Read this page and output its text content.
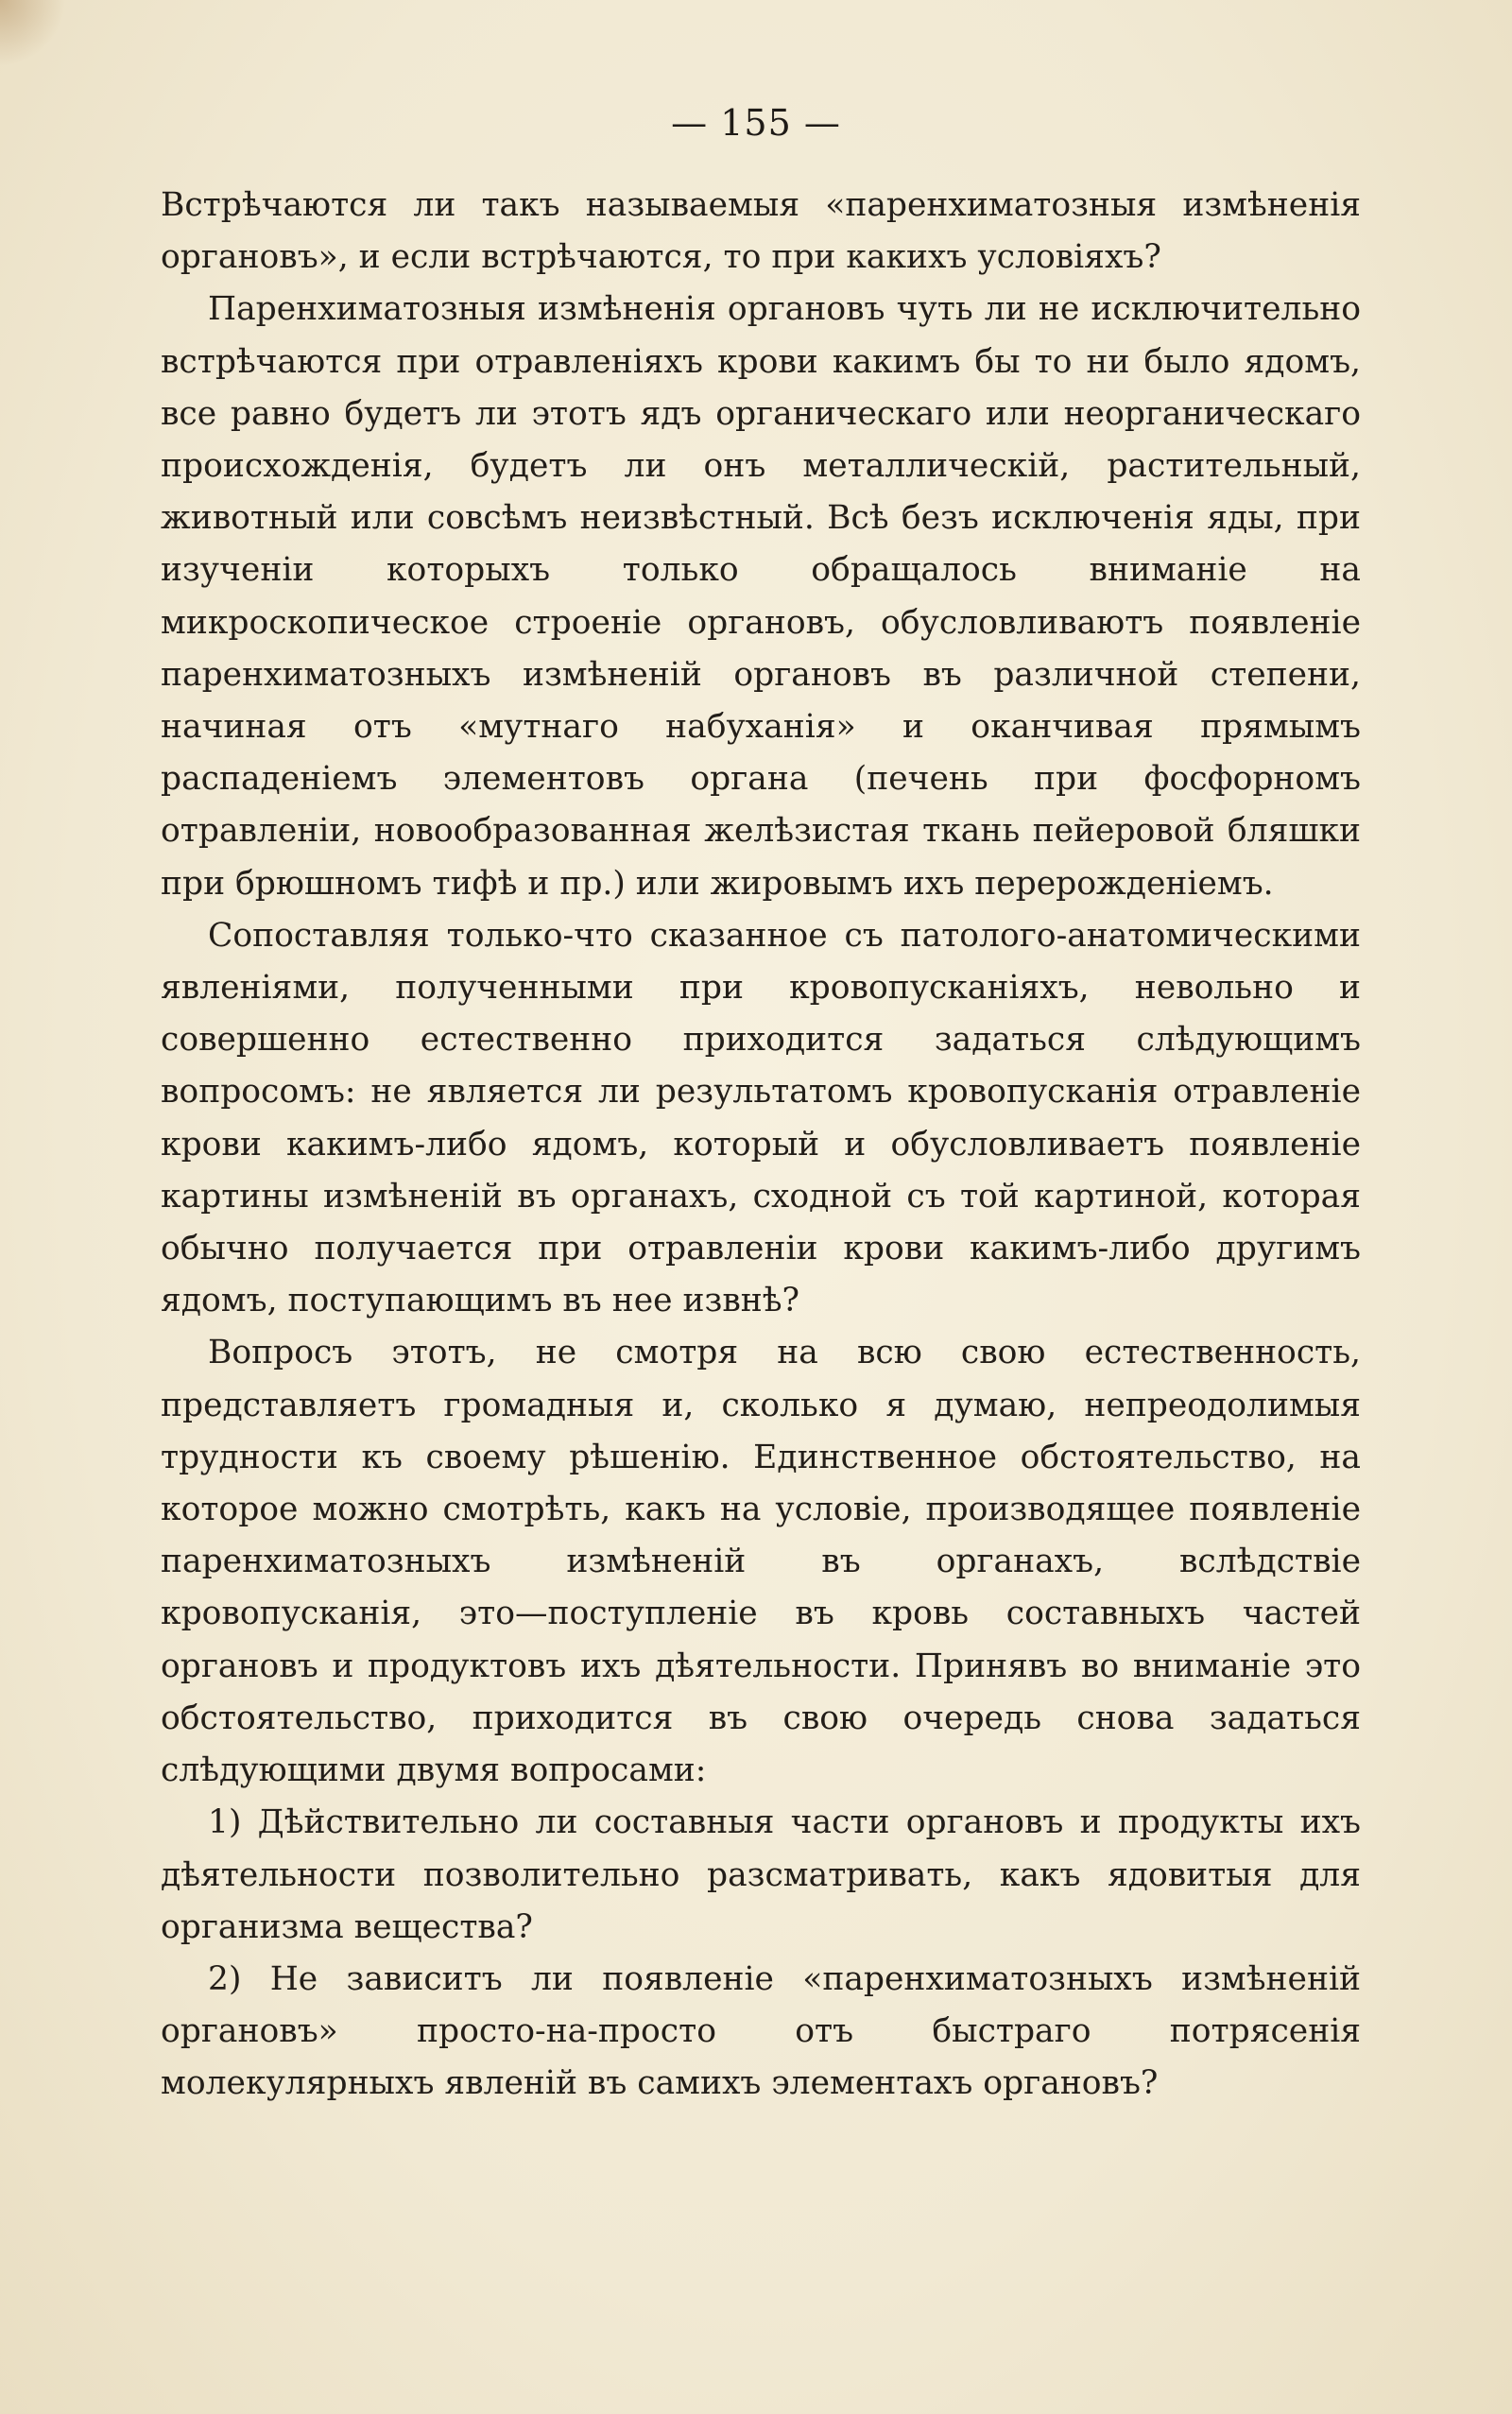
— 155 —

Встрѣчаются ли такъ называемыя «паренхиматозныя измѣненія органовъ», и если встрѣчаются, то при какихъ условіяхъ?

Паренхиматозныя измѣненія органовъ чуть ли не исключительно встрѣчаются при отравленіяхъ крови какимъ бы то ни было ядомъ, все равно будетъ ли этотъ ядъ органическаго или неорганическаго происхожденія, будетъ ли онъ металлическій, растительный, животный или совсѣмъ неизвѣстный. Всѣ безъ исключенія яды, при изученіи которыхъ только обращалось вниманіе на микроскопическое строеніе органовъ, обусловливаютъ появленіе паренхиматозныхъ измѣненій органовъ въ различной степени, начиная отъ «мутнаго набуханія» и оканчивая прямымъ распаденіемъ элементовъ органа (печень при фосфорномъ отравленіи, новообразованная желѣзистая ткань пейеровой бляшки при брюшномъ тифѣ и пр.) или жировымъ ихъ перерожденіемъ.

Сопоставляя только-что сказанное съ патолого-анатомическими явленіями, полученными при кровопусканіяхъ, невольно и совершенно естественно приходится задаться слѣдующимъ вопросомъ: не является ли результатомъ кровопусканія отравленіе крови какимъ-либо ядомъ, который и обусловливаетъ появленіе картины измѣненій въ органахъ, сходной съ той картиной, которая обычно получается при отравленіи крови какимъ-либо другимъ ядомъ, поступающимъ въ нее извнѣ?

Вопросъ этотъ, не смотря на всю свою естественность, представляетъ громадныя и, сколько я думаю, непреодолимыя трудности къ своему рѣшенію. Единственное обстоятельство, на которое можно смотрѣть, какъ на условіе, производящее появленіе паренхиматозныхъ измѣненій въ органахъ, вслѣдствіе кровопусканія, это—поступленіе въ кровь составныхъ частей органовъ и продуктовъ ихъ дѣятельности. Принявъ во вниманіе это обстоятельство, приходится въ свою очередь снова задаться слѣдующими двумя вопросами:

1) Дѣйствительно ли составныя части органовъ и продукты ихъ дѣятельности позволительно разсматривать, какъ ядовитыя для организма вещества?

2) Не зависитъ ли появленіе «паренхиматозныхъ измѣненій органовъ» просто-на-просто отъ быстраго потрясенія молекулярныхъ явленій въ самихъ элементахъ органовъ?
